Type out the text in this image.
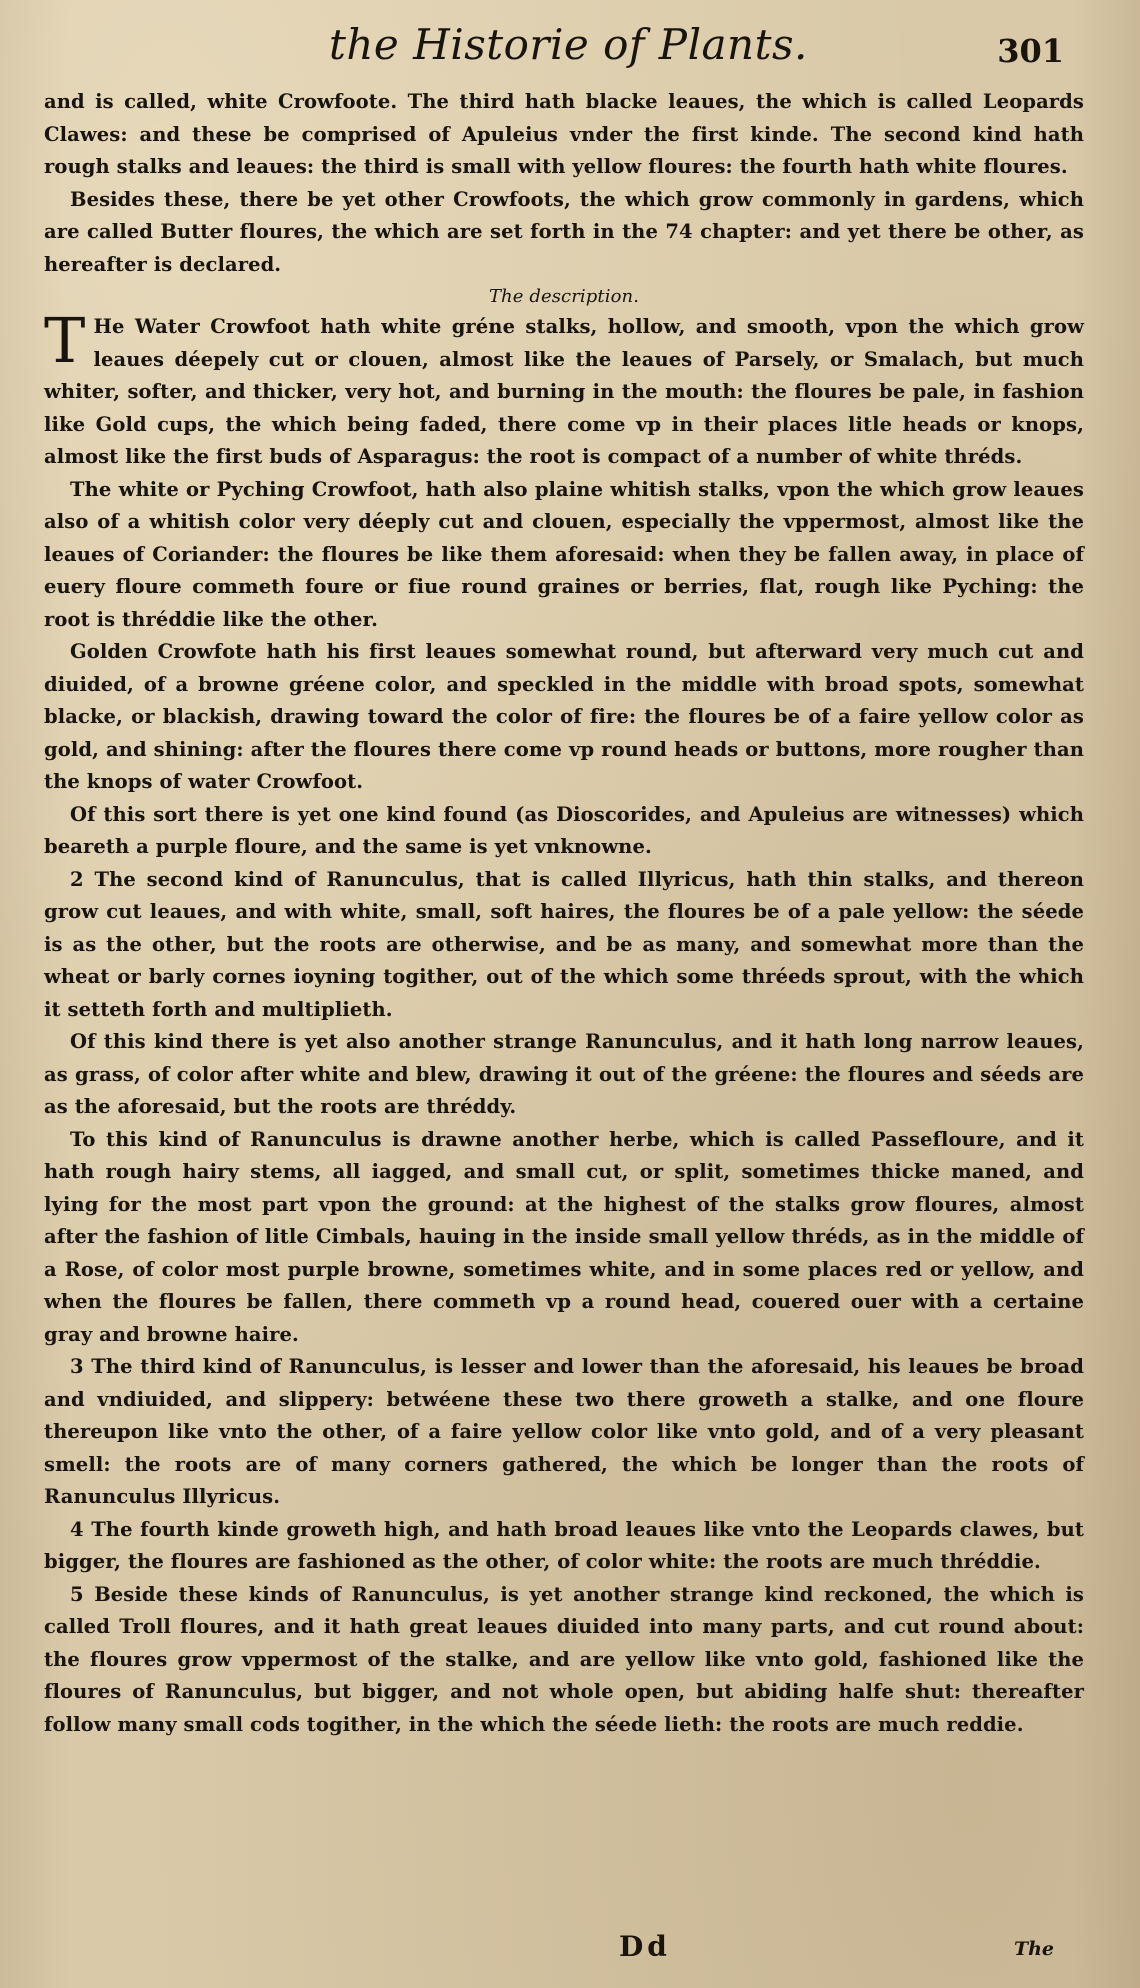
the Historie of Plants.	301

and is called, white Crowfoote. The third hath blacke leaues, the which is called Leopards Clawes: and these be comprised of Apuleius vnder the first kinde. The second kind hath rough stalks and leaues: the third is small with yellow floures: the fourth hath white floures.

Besides these, there be yet other Crowfoots, the which grow commonly in gardens, which are called Butter floures, the which are set forth in the 74 chapter: and yet there be other, as hereafter is declared.

The description.

T He Water Crowfoot hath white gréne stalks, hollow, and smooth, vpon the which grow leaues déepely cut or clouen, almost like the leaues of Parsely, or Smalach, but much whiter, softer, and thicker, very hot, and burning in the mouth: the floures be pale, in fashion like Gold cups, the which being faded, there come vp in their places litle heads or knops, almost like the first buds of Asparagus: the root is compact of a number of white thréds.

The white or Pyching Crowfoot, hath also plaine whitish stalks, vpon the which grow leaues also of a whitish color very déeply cut and clouen, especially the vppermost, almost like the leaues of Coriander: the floures be like them aforesaid: when they be fallen away, in place of euery floure commeth foure or fiue round graines or berries, flat, rough like Pyching: the root is thréddie like the other.

Golden Crowfote hath his first leaues somewhat round, but afterward very much cut and diuided, of a browne gréene color, and speckled in the middle with broad spots, somewhat blacke, or blackish, drawing toward the color of fire: the floures be of a faire yellow color as gold, and shining: after the floures there come vp round heads or buttons, more rougher than the knops of water Crowfoot.

Of this sort there is yet one kind found (as Dioscorides, and Apuleius are witnesses) which beareth a purple floure, and the same is yet vnknowne.

2 The second kind of Ranunculus, that is called Illyricus, hath thin stalks, and thereon grow cut leaues, and with white, small, soft haires, the floures be of a pale yellow: the séede is as the other, but the roots are otherwise, and be as many, and somewhat more than the wheat or barly cornes ioyning togither, out of the which some thréeds sprout, with the which it setteth forth and multiplieth.

Of this kind there is yet also another strange Ranunculus, and it hath long narrow leaues, as grass, of color after white and blew, drawing it out of the gréene: the floures and séeds are as the aforesaid, but the roots are thréddy.

To this kind of Ranunculus is drawne another herbe, which is called Passefloure, and it hath rough hairy stems, all iagged, and small cut, or split, sometimes thicke maned, and lying for the most part vpon the ground: at the highest of the stalks grow floures, almost after the fashion of litle Cimbals, hauing in the inside small yellow thréds, as in the middle of a Rose, of color most purple browne, sometimes white, and in some places red or yellow, and when the floures be fallen, there commeth vp a round head, couered ouer with a certaine gray and browne haire.

3 The third kind of Ranunculus, is lesser and lower than the aforesaid, his leaues be broad and vndiuided, and slippery: betwéene these two there groweth a stalke, and one floure thereupon like vnto the other, of a faire yellow color like vnto gold, and of a very pleasant smell: the roots are of many corners gathered, the which be longer than the roots of Ranunculus Illyricus.

4 The fourth kinde groweth high, and hath broad leaues like vnto the Leopards clawes, but bigger, the floures are fashioned as the other, of color white: the roots are much thréddie.

5 Beside these kinds of Ranunculus, is yet another strange kind reckoned, the which is called Troll floures, and it hath great leaues diuided into many parts, and cut round about: the floures grow vppermost of the stalke, and are yellow like vnto gold, fashioned like the floures of Ranunculus, but bigger, and not whole open, but abiding halfe shut: thereafter follow many small cods togither, in the which the séede lieth: the roots are much reddie.

Dd	The
